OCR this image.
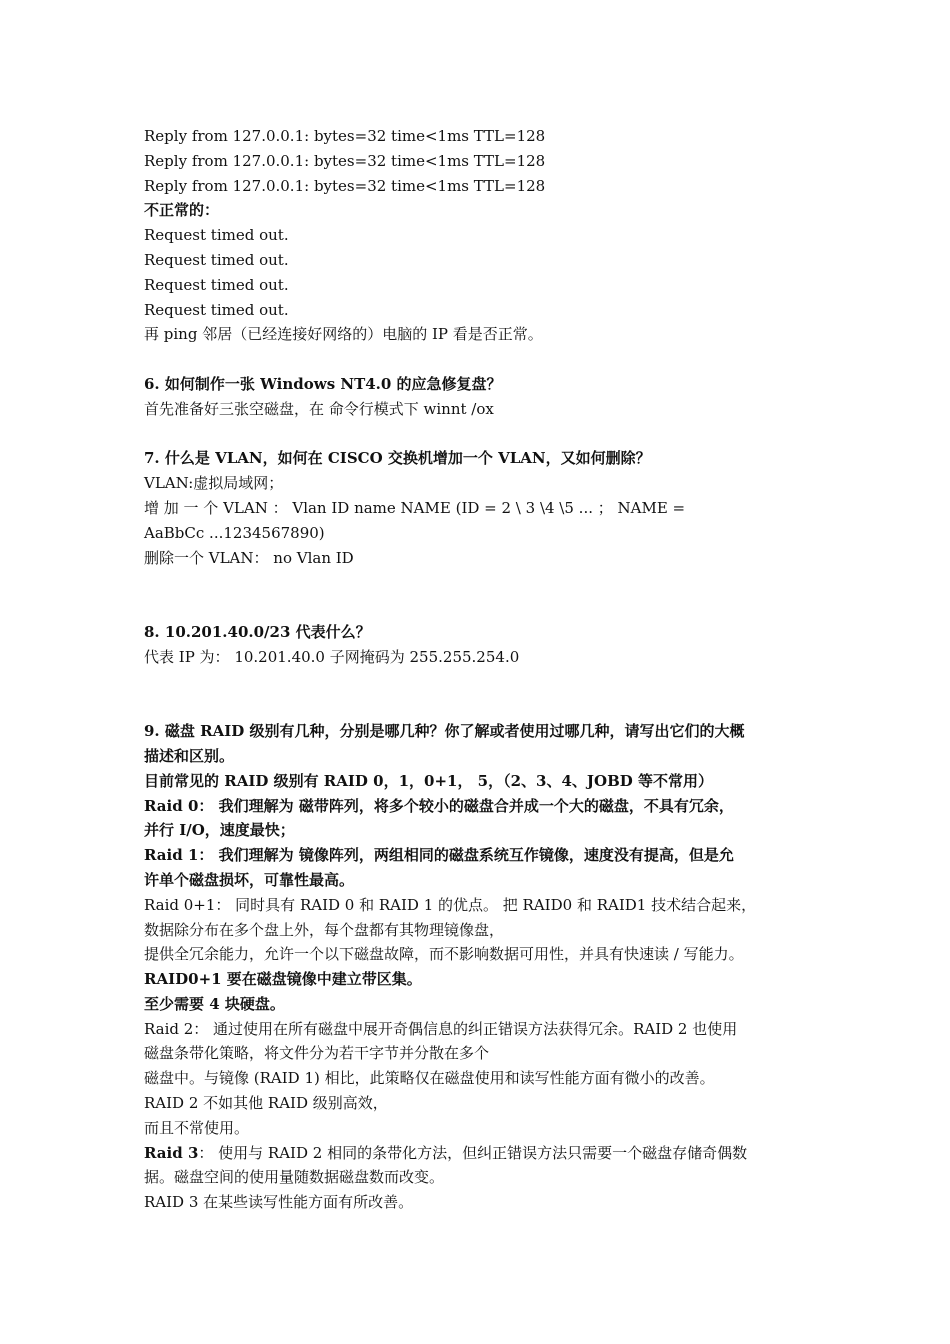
Reply from 127.0.0.1: bytes=32 time<1ms TTL=128
Reply from 127.0.0.1: bytes=32 time<1ms TTL=128
Reply from 127.0.0.1: bytes=32 time<1ms TTL=128
不正常的：
Request timed out.
Request timed out.
Request timed out.
Request timed out.
再 ping 邻居（已经连接好网络的）电脑的 IP 看是否正常。
6. 如何制作一张 Windows NT4.0 的应急修复盘？
首先准备好三张空磁盘，在 命令行模式下 winnt /ox
7. 什么是 VLAN，如何在 CISCO 交换机增加一个 VLAN，又如何删除？
VLAN:虚拟局域网；
增 加 一 个 VLAN ： Vlan ID name NAME (ID = 2 \ 3 \4 \5 ... ； NAME =
AaBbCc ...1234567890)
删除一个 VLAN： no Vlan ID
8. 10.201.40.0/23 代表什么？
代表 IP 为： 10.201.40.0 子网掩码为 255.255.254.0
9. 磁盘 RAID 级别有几种，分别是哪几种？你了解或者使用过哪几种，请写出它们的大概
描述和区别。
目前常见的 RAID 级别有 RAID 0，1，0+1， 5，（2、3、4、JOBD 等不常用）
Raid 0： 我们理解为 磁带阵列，将多个较小的磁盘合并成一个大的磁盘，不具有冗余，
并行 I/O，速度最快；
Raid 1： 我们理解为 镜像阵列，两组相同的磁盘系统互作镜像，速度没有提高，但是允
许单个磁盘损坏，可靠性最高。
Raid 0+1： 同时具有 RAID 0 和 RAID 1 的优点。 把 RAID0 和 RAID1 技术结合起来，
数据除分布在多个盘上外，每个盘都有其物理镜像盘，
提供全冗余能力，允许一个以下磁盘故障，而不影响数据可用性，并具有快速读 / 写能力。
RAID0+1 要在磁盘镜像中建立带区集。
至少需要 4 块硬盘。
Raid 2： 通过使用在所有磁盘中展开奇偶信息的纠正错误方法获得冗余。RAID 2 也使用
磁盘条带化策略，将文件分为若干字节并分散在多个
磁盘中。与镜像 (RAID 1) 相比，此策略仅在磁盘使用和读写性能方面有微小的改善。
RAID 2 不如其他 RAID 级别高效，
而且不常使用。
Raid 3： 使用与 RAID 2 相同的条带化方法，但纠正错误方法只需要一个磁盘存储奇偶数
据。磁盘空间的使用量随数据磁盘数而改变。
RAID 3 在某些读写性能方面有所改善。
